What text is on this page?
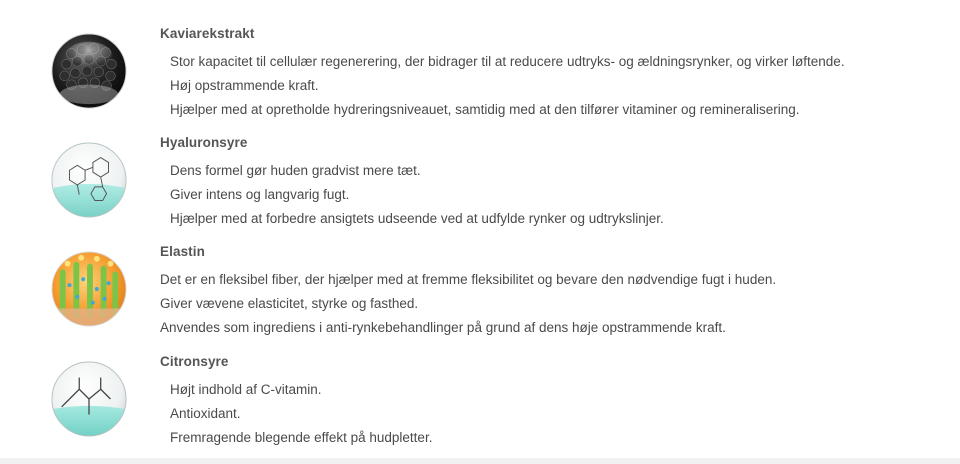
Kaviarekstrakt
Stor kapacitet til cellulær regenerering, der bidrager til at reducere udtryks- og ældningsrynker, og virker løftende.
Høj opstrammende kraft.
Hjælper med at opretholde hydreringsniveauet, samtidig med at den tilfører vitaminer og remineralisering.
Hyaluronsyre
Dens formel gør huden gradvist mere tæt.
Giver intens og langvarig fugt.
Hjælper med at forbedre ansigtets udseende ved at udfylde rynker og udtrykslinjer.
Elastin
Det er en fleksibel fiber, der hjælper med at fremme fleksibilitet og bevare den nødvendige fugt i huden.
Giver vævene elasticitet, styrke og fasthed.
Anvendes som ingrediens i anti-rynkebehandlinger på grund af dens høje opstrammende kraft.
Citronsyre
Højt indhold af C-vitamin.
Antioxidant.
Fremragende blegende effekt på hudpletter.
